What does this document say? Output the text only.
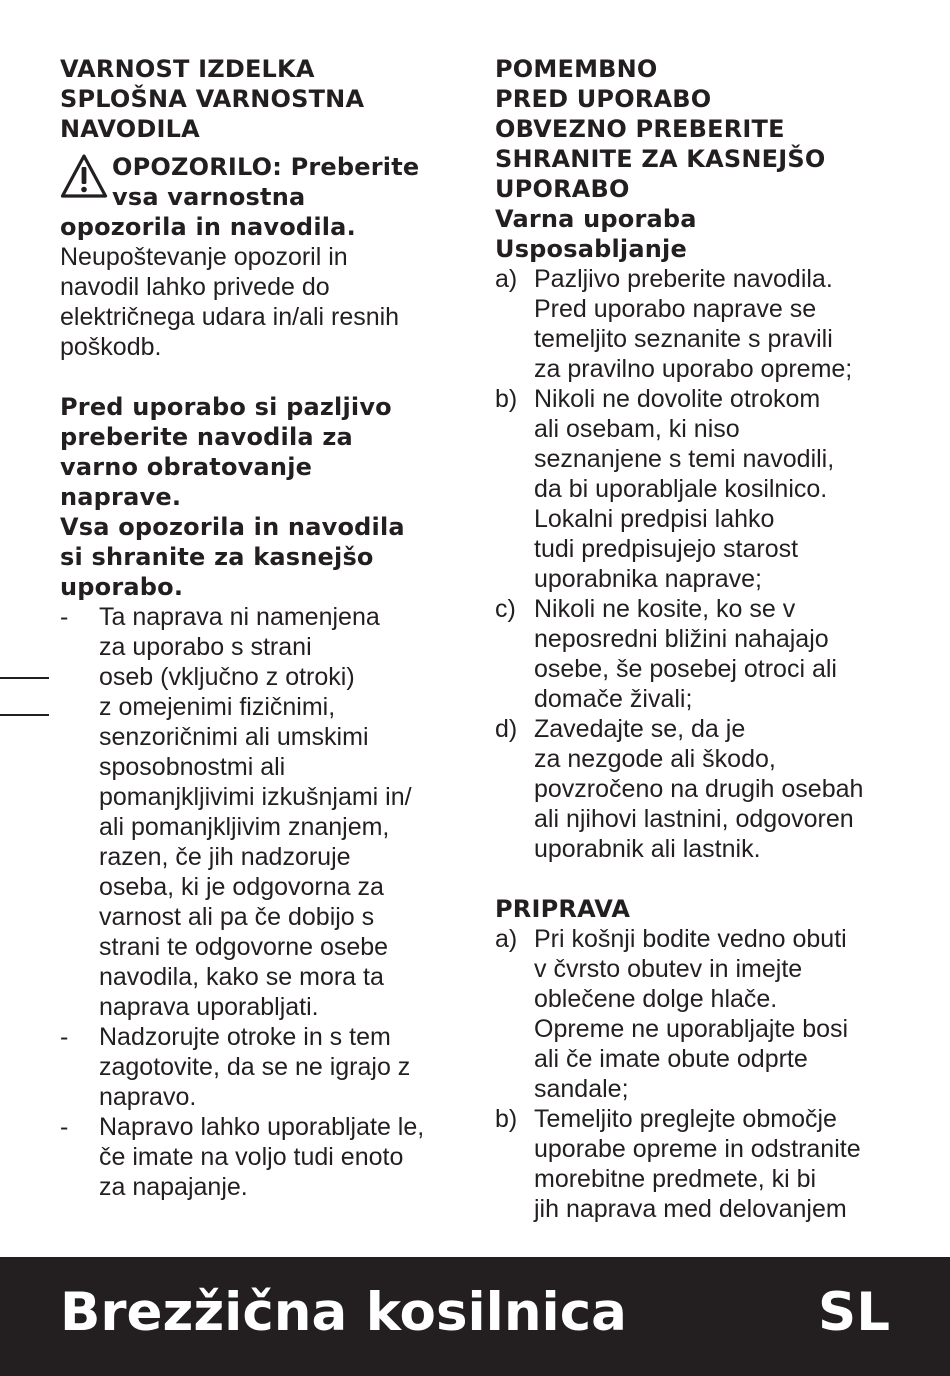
VARNOST IZDELKA
SPLOŠNA VARNOSTNA
NAVODILA
OPOZORILO: Preberite
vsa varnostna
opozorila in navodila.
Neupoštevanje opozoril in
navodil lahko privede do
električnega udara in/ali resnih
poškodb.
Pred uporabo si pazljivo
preberite navodila za
varno obratovanje
naprave.
Vsa opozorila in navodila
si shranite za kasnejšo
uporabo.
-	Ta naprava ni namenjena
za uporabo s strani
oseb (vključno z otroki)
z omejenimi fizičnimi,
senzoričnimi ali umskimi
sposobnostmi ali
pomanjkljivimi izkušnjami in/
ali pomanjkljivim znanjem,
razen, če jih nadzoruje
oseba, ki je odgovorna za
varnost ali pa če dobijo s
strani te odgovorne osebe
navodila, kako se mora ta
naprava uporabljati.
-	Nadzorujte otroke in s tem
zagotovite, da se ne igrajo z
napravo.
-	Napravo lahko uporabljate le,
če imate na voljo tudi enoto
za napajanje.
POMEMBNO
PRED UPORABO
OBVEZNO PREBERITE
SHRANITE ZA KASNEJŠO
UPORABO
Varna uporaba
Usposabljanje
a) Pazljivo preberite navodila.
Pred uporabo naprave se
temeljito seznanite s pravili
za pravilno uporabo opreme;
b) Nikoli ne dovolite otrokom
ali osebam, ki niso
seznanjene s temi navodili,
da bi uporabljale kosilnico.
Lokalni predpisi lahko
tudi predpisujejo starost
uporabnika naprave;
c) Nikoli ne kosite, ko se v
neposredni bližini nahajajo
osebe, še posebej otroci ali
domače živali;
d) Zavedajte se, da je
za nezgode ali škodo,
povzročeno na drugih osebah
ali njihovi lastnini, odgovoren
uporabnik ali lastnik.
PRIPRAVA
a) Pri košnji bodite vedno obuti
v čvrsto obutev in imejte
oblečene dolge hlače.
Opreme ne uporabljajte bosi
ali če imate obute odprte
sandale;
b) Temeljito preglejte območje
uporabe opreme in odstranite
morebitne predmete, ki bi
jih naprava med delovanjem
Brezžična kosilnica	SL
